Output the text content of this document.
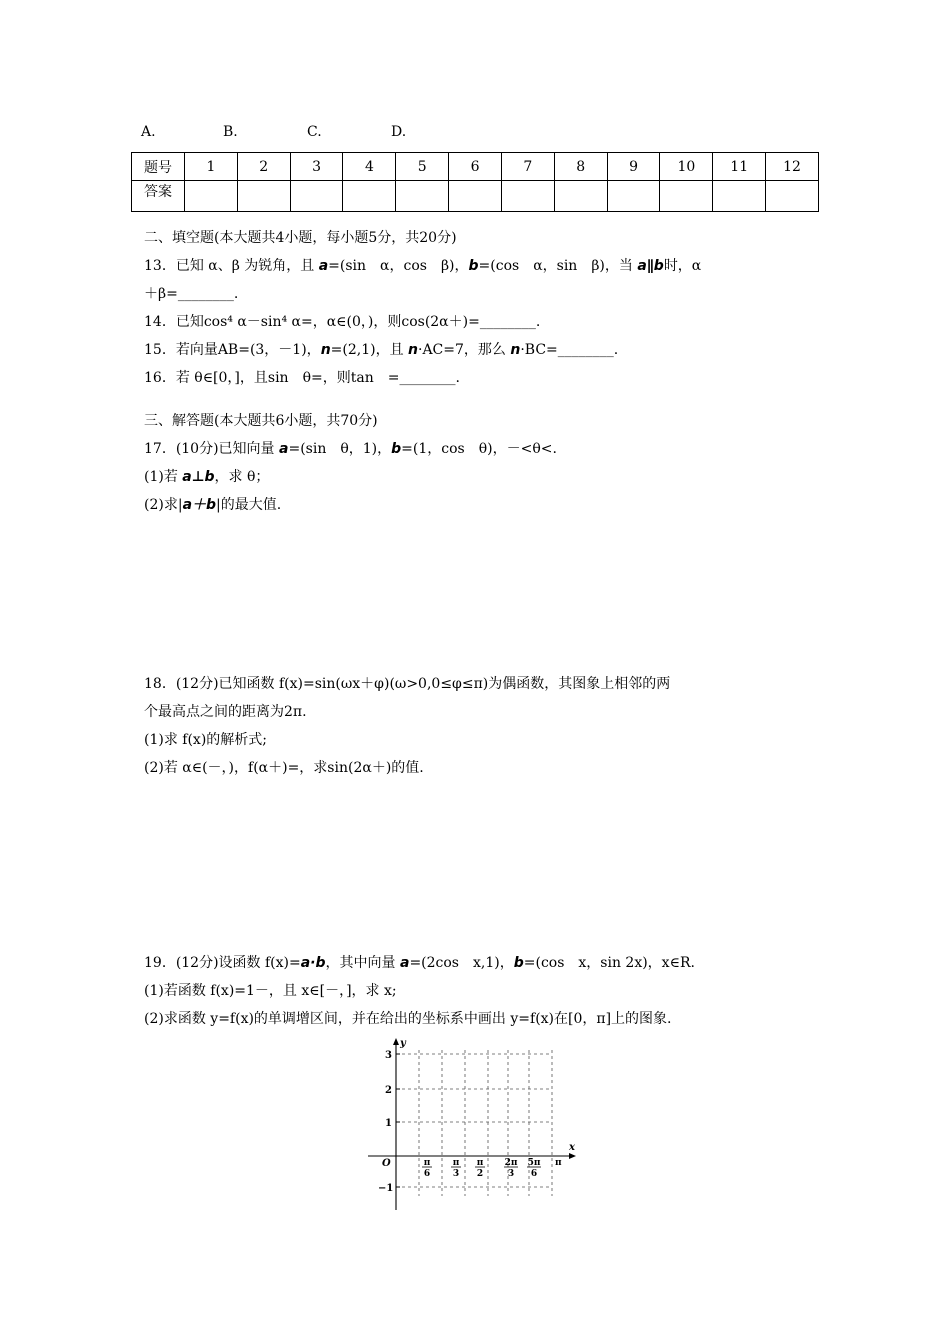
A.	B.	C.	D.
题号	1	2	3	4	5	6	7	8	9	10	11	12
答案												
二、填空题(本大题共4小题，每小题5分，共20分)
13．已知 α、β 为锐角，且 a=(sin　α，cos　β)，b=(cos　α，sin　β)，当 a∥b时，α
＋β=________.
14．已知cos⁴ α－sin⁴ α=，α∈(0，)，则cos(2α＋)=________.
15．若向量AB=(3，－1)，n=(2,1)，且 n·AC=7，那么 n·BC=________.
16．若 θ∈[0，]，且sin　θ=，则tan　=________.
三、解答题(本大题共6小题，共70分)
17．(10分)已知向量 a=(sin　θ，1)，b=(1，cos　θ)，－<θ<.
(1)若 a⊥b，求 θ；
(2)求|a＋b|的最大值.
18．(12分)已知函数 f(x)=sin(ωx＋φ)(ω>0,0≤φ≤π)为偶函数，其图象上相邻的两
个最高点之间的距离为2π.
(1)求 f(x)的解析式;
(2)若 α∈(－，)，f(α＋)=，求sin(2α＋)的值.
19．(12分)设函数 f(x)=a·b，其中向量 a=(2cos　x,1)，b=(cos　x，sin 2x)，x∈R.
(1)若函数 f(x)=1－，且 x∈[－，]，求 x;
(2)求函数 y=f(x)的单调增区间，并在给出的坐标系中画出 y=f(x)在[0，π]上的图象.
y
x
O
3
2
1
−1
π
6
π
3
π
2
2π
3
5π
6
π
